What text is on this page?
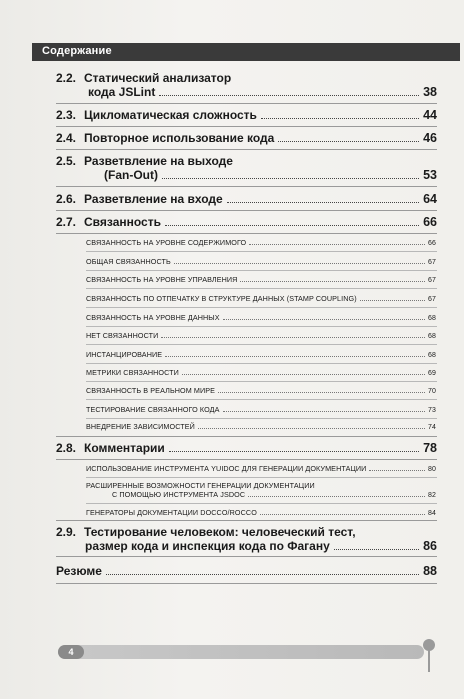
Содержание
2.2. Статический анализатор
кода JSLint	38
2.3. Цикломатическая сложность	44
2.4. Повторное использование кода	46
2.5. Разветвление на выходе
(Fan-Out)	53
2.6. Разветвление на входе	64
2.7. Связанность	66
СВЯЗАННОСТЬ НА УРОВНЕ СОДЕРЖИМОГО	66
ОБЩАЯ СВЯЗАННОСТЬ	67
СВЯЗАННОСТЬ НА УРОВНЕ УПРАВЛЕНИЯ	67
СВЯЗАННОСТЬ ПО ОТПЕЧАТКУ В СТРУКТУРЕ ДАННЫХ (STAMP COUPLING)	67
СВЯЗАННОСТЬ НА УРОВНЕ ДАННЫХ	68
НЕТ СВЯЗАННОСТИ	68
ИНСТАНЦИРОВАНИЕ	68
МЕТРИКИ СВЯЗАННОСТИ	69
СВЯЗАННОСТЬ В РЕАЛЬНОМ МИРЕ	70
ТЕСТИРОВАНИЕ СВЯЗАННОГО КОДА	73
ВНЕДРЕНИЕ ЗАВИСИМОСТЕЙ	74
2.8. Комментарии	78
ИСПОЛЬЗОВАНИЕ ИНСТРУМЕНТА YUIDOC ДЛЯ ГЕНЕРАЦИИ ДОКУМЕНТАЦИИ	80
РАСШИРЕННЫЕ ВОЗМОЖНОСТИ ГЕНЕРАЦИИ ДОКУМЕНТАЦИИ
С ПОМОЩЬЮ ИНСТРУМЕНТА JSDOC	82
ГЕНЕРАТОРЫ ДОКУМЕНТАЦИИ DOCCO/ROCCO	84
2.9. Тестирование человеком: человеческий тест,
размер кода и инспекция кода по Фагану	86
Резюме	88
4
